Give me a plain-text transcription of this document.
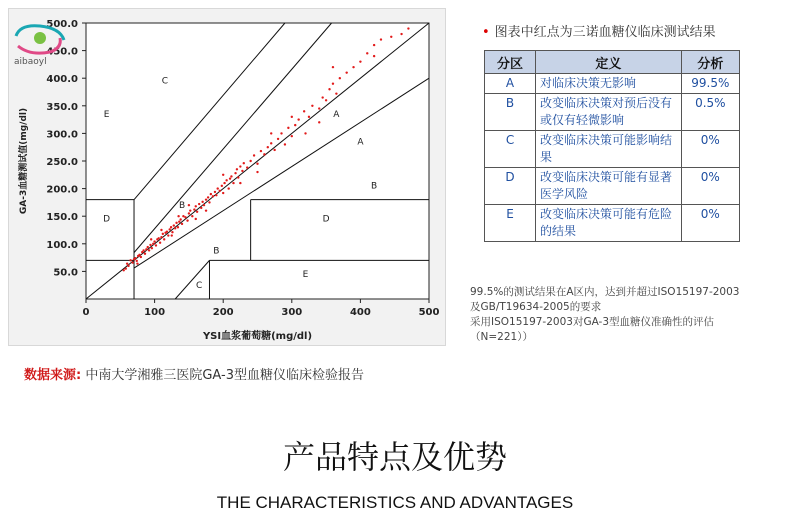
0	100	200	300	400	500
50.0
100.0
150.0
200.0
250.0
300.0
350.0
400.0
450.0
500.0
YSI血浆葡萄糖(mg/dl)
GA-3血糖测试值(mg/dl)	A
A
B
B
B
C
C
D	D
E
E
aibaoyl
• 图表中红点为三诺血糖仪临床测试结果
分区	定义	分析
A	对临床决策无影响	99.5%
B	改变临床决策对预后没有或仅有轻微影响	0.5%
C	改变临床决策可能影响结果	0%
D	改变临床决策可能有显著医学风险	0%
E	改变临床决策可能有危险的结果	0%
99.5%的测试结果在A区内，达到并超过ISO15197-2003
及GB/T19634-2005的要求
采用ISO15197-2003对GA-3型血糖仪准确性的评估
（N=221））
数据来源: 中南大学湘雅三医院GA-3型血糖仪临床检验报告
产品特点及优势
THE CHARACTERISTICS AND ADVANTAGES
